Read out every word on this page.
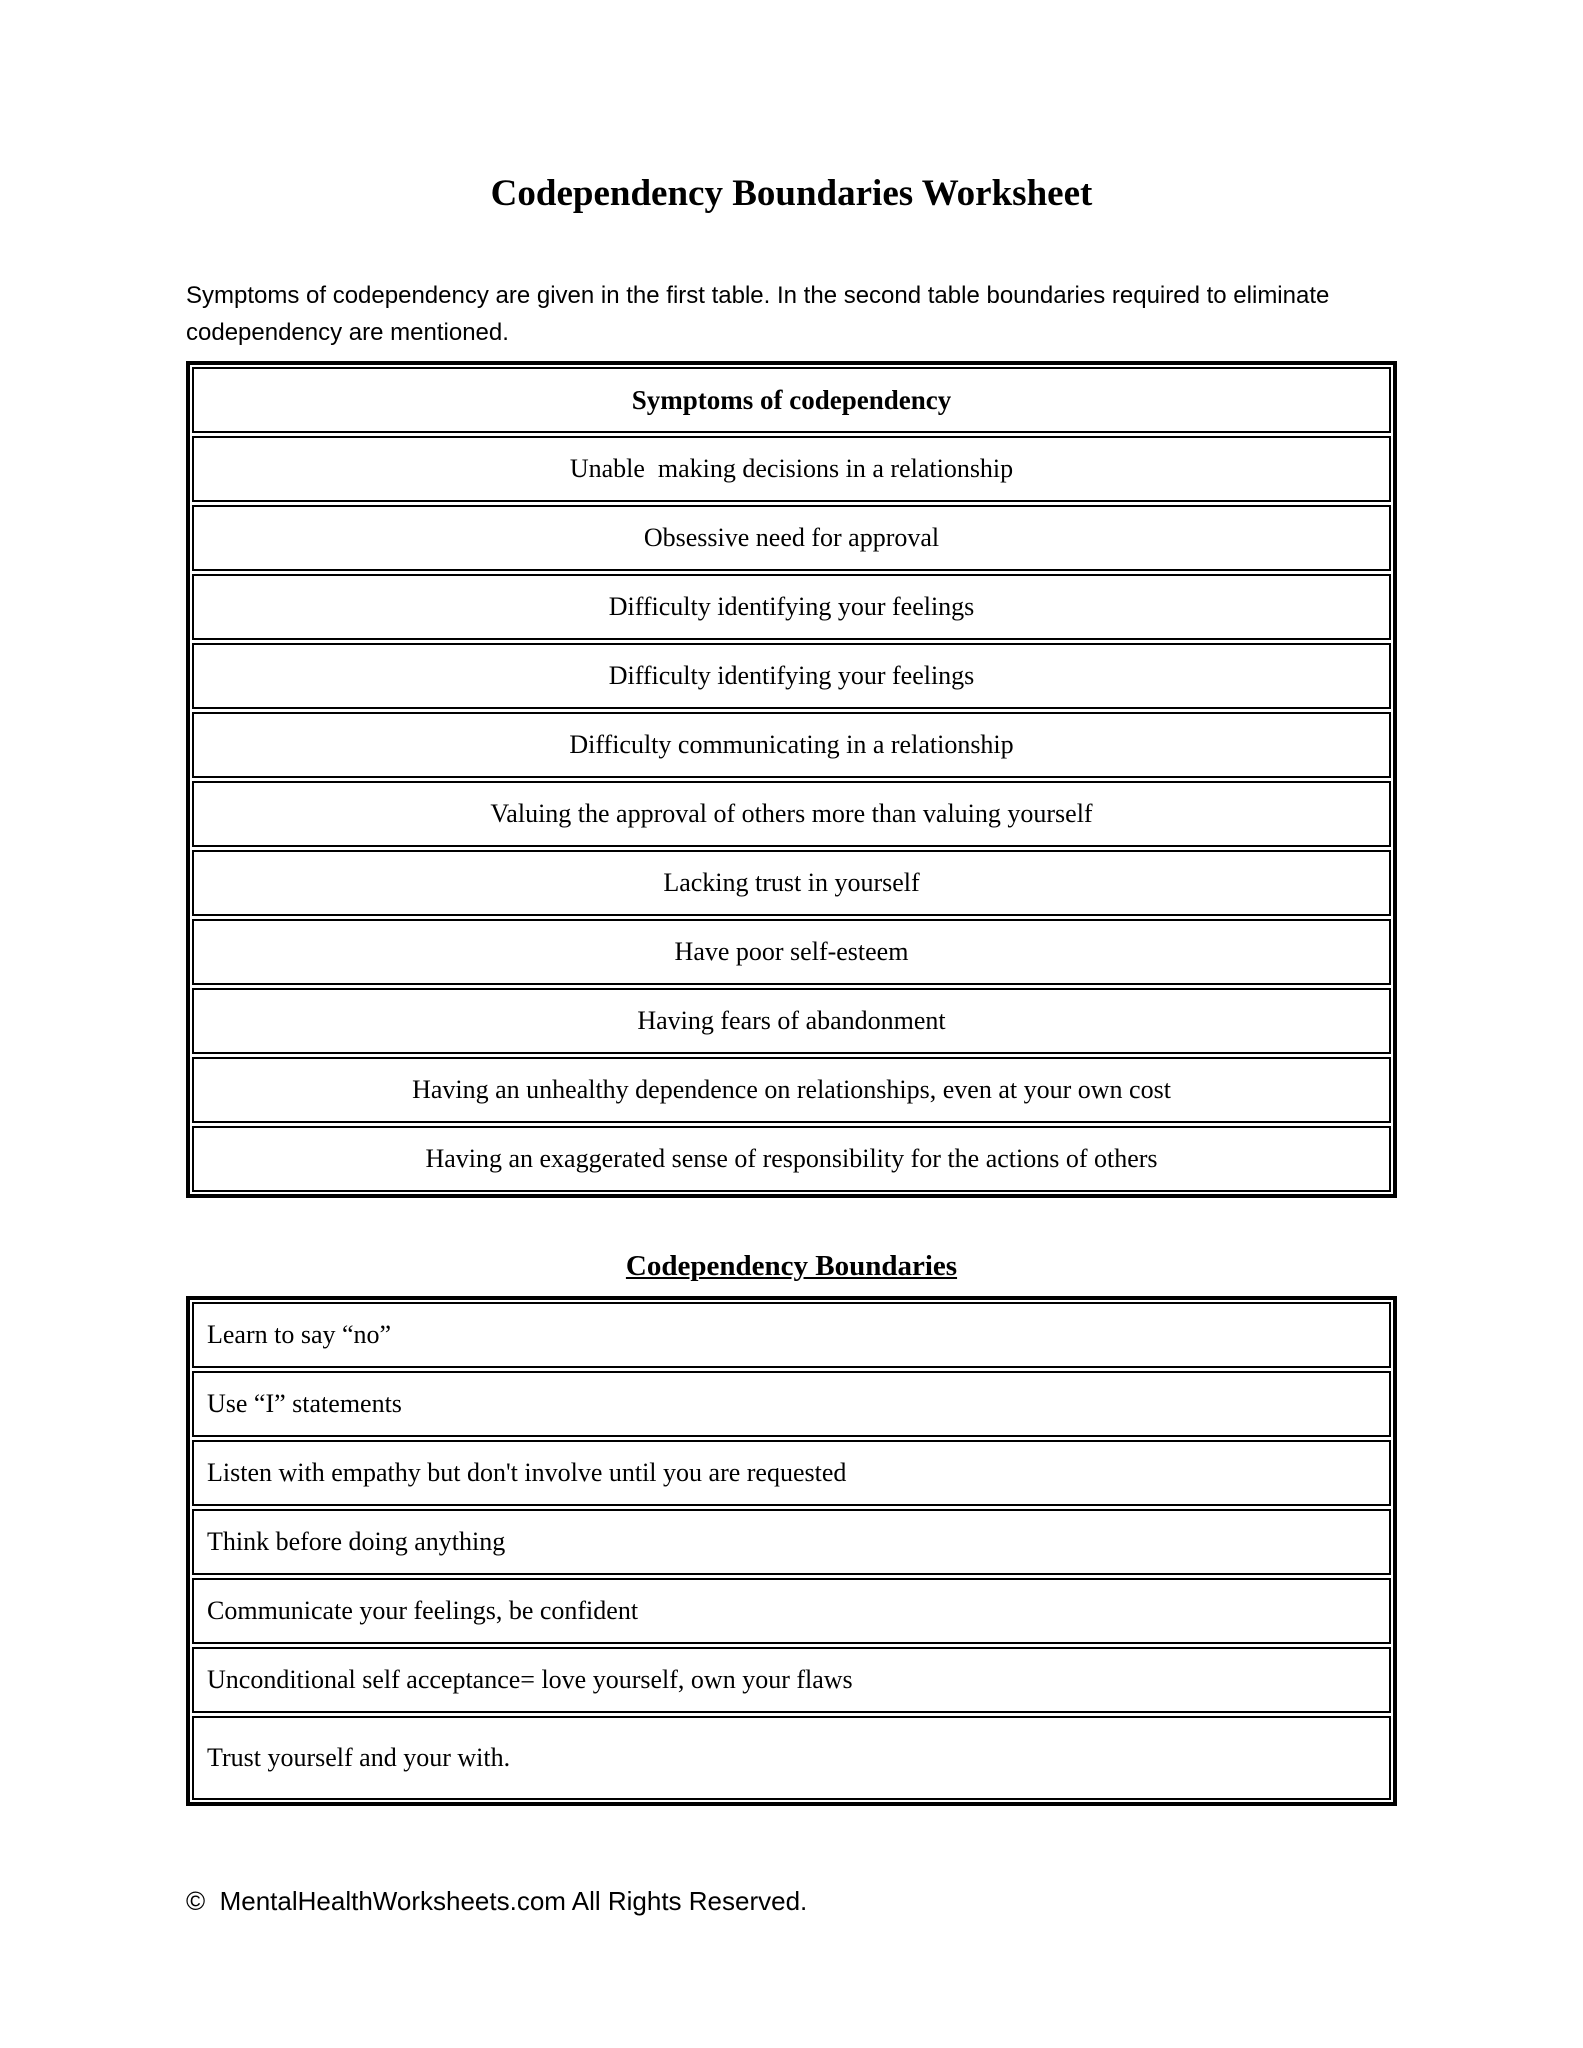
Codependency Boundaries Worksheet

Symptoms of codependency are given in the first table. In the second table boundaries required to eliminate codependency are mentioned.

Symptoms of codependency
Unable  making decisions in a relationship
Obsessive need for approval
Difficulty identifying your feelings
Difficulty identifying your feelings
Difficulty communicating in a relationship
Valuing the approval of others more than valuing yourself
Lacking trust in yourself
Have poor self-esteem
Having fears of abandonment
Having an unhealthy dependence on relationships, even at your own cost
Having an exaggerated sense of responsibility for the actions of others
Codependency Boundaries
Learn to say “no”
Use “I” statements
Listen with empathy but don't involve until you are requested
Think before doing anything
Communicate your feelings, be confident
Unconditional self acceptance= love yourself, own your flaws
Trust yourself and your with.

©  MentalHealthWorksheets.com All Rights Reserved.
